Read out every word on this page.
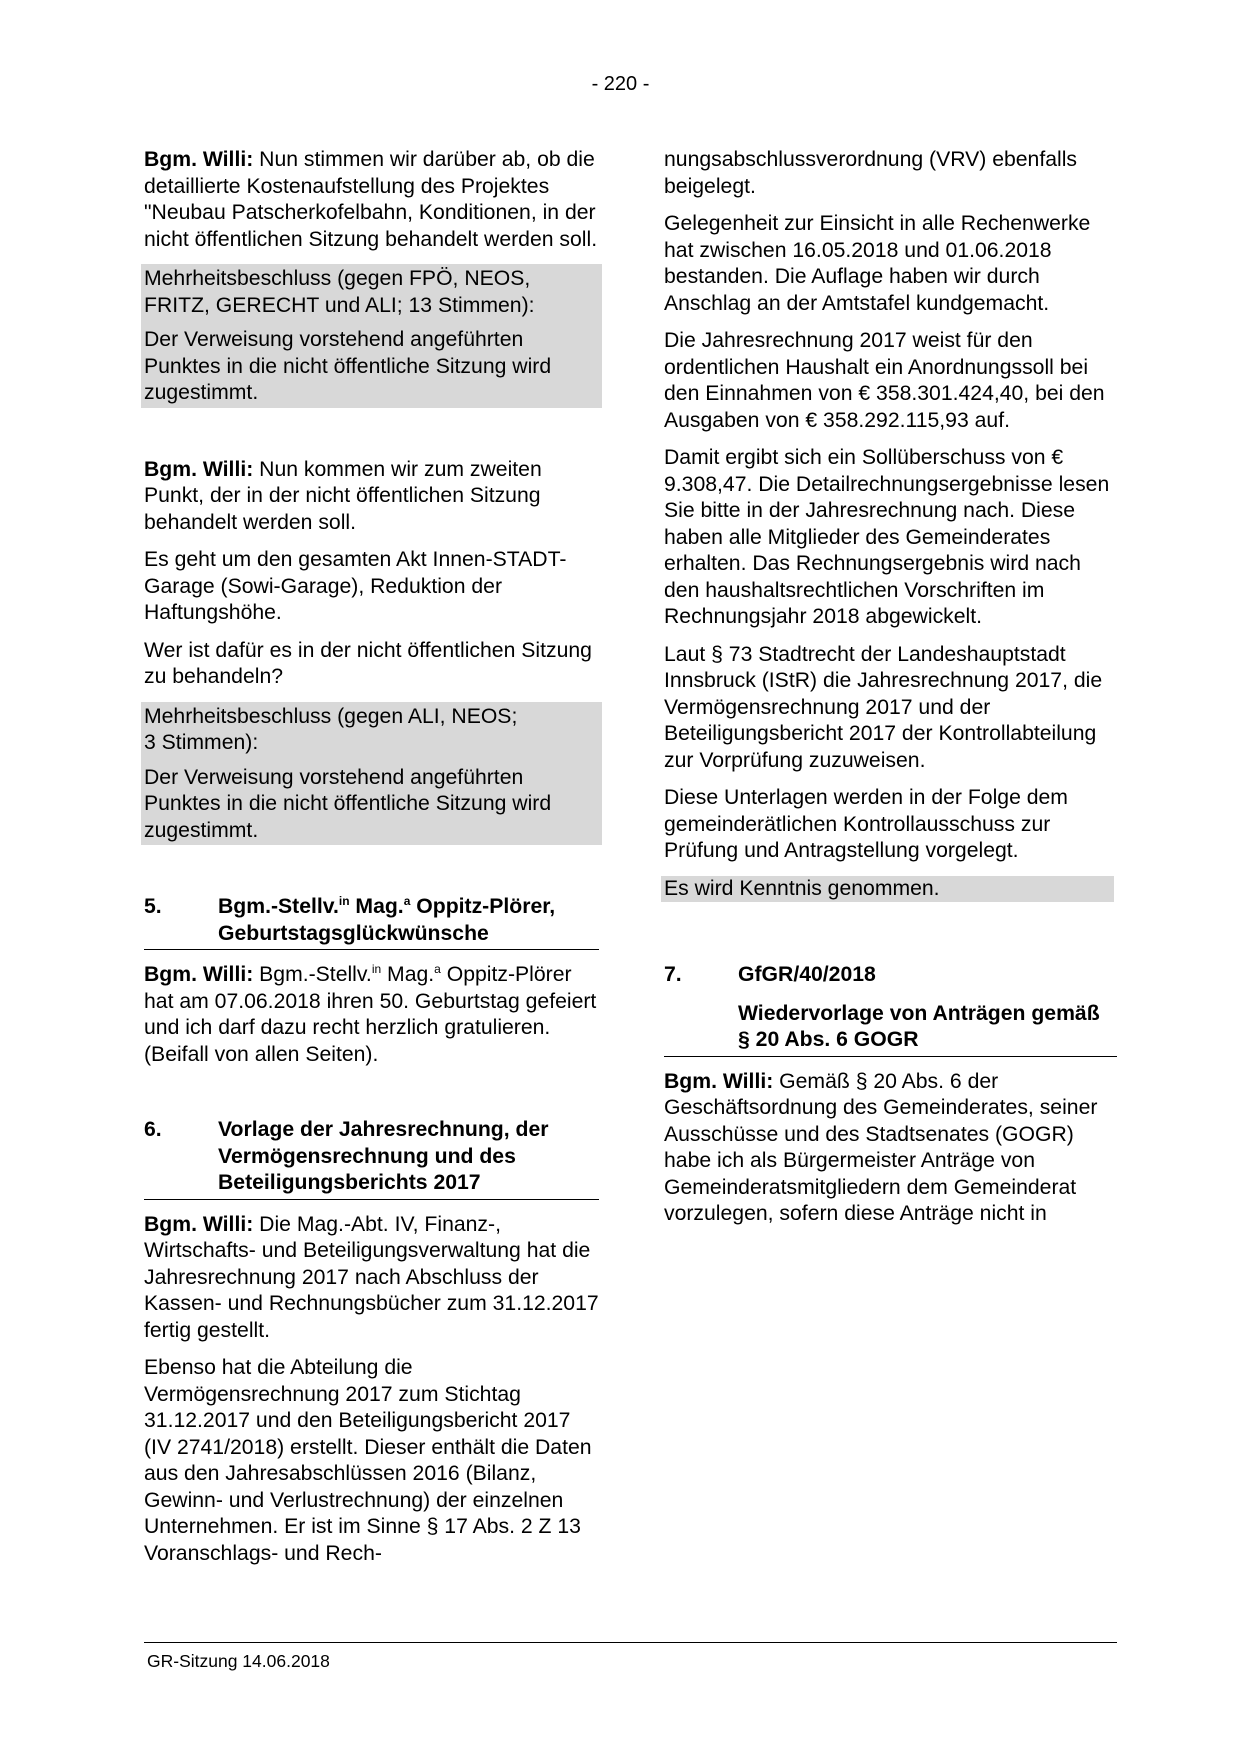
- 220 -

Bgm. Willi: Nun stimmen wir darüber ab, ob die detaillierte Kostenaufstellung des Projektes "Neubau Patscherkofelbahn, Konditionen, in der nicht öffentlichen Sitzung behandelt werden soll.

Mehrheitsbeschluss (gegen FPÖ, NEOS, FRITZ, GERECHT und ALI; 13 Stimmen):

Der Verweisung vorstehend angeführten Punktes in die nicht öffentliche Sitzung wird zugestimmt.

Bgm. Willi: Nun kommen wir zum zweiten Punkt, der in der nicht öffentlichen Sitzung behandelt werden soll.

Es geht um den gesamten Akt Innen-STADT-Garage (Sowi-Garage), Reduktion der Haftungshöhe.

Wer ist dafür es in der nicht öffentlichen Sitzung zu behandeln?

Mehrheitsbeschluss (gegen ALI, NEOS;
3 Stimmen):

Der Verweisung vorstehend angeführten Punktes in die nicht öffentliche Sitzung wird zugestimmt.

5.	Bgm.-Stellv.$^{in}$ Mag.$^a$ Oppitz-Plörer, Geburtstagsglückwünsche

Bgm. Willi: Bgm.-Stellv.$^{in}$ Mag.$^a$ Oppitz-Plörer hat am 07.06.2018 ihren 50. Geburtstag gefeiert und ich darf dazu recht herzlich gratulieren. (Beifall von allen Seiten).

6.	Vorlage der Jahresrechnung, der Vermögensrechnung und des Beteiligungsberichts 2017

Bgm. Willi: Die Mag.-Abt. IV, Finanz-, Wirtschafts- und Beteiligungsverwaltung hat die Jahresrechnung 2017 nach Abschluss der Kassen- und Rechnungsbücher zum 31.12.2017 fertig gestellt.

Ebenso hat die Abteilung die Vermögensrechnung 2017 zum Stichtag 31.12.2017 und den Beteiligungsbericht 2017 (IV 2741/2018) erstellt. Dieser enthält die Daten aus den Jahresabschlüssen 2016 (Bilanz, Gewinn- und Verlustrechnung) der einzelnen Unternehmen. Er ist im Sinne § 17 Abs. 2 Z 13 Voranschlags- und Rech-

nungsabschlussverordnung (VRV) ebenfalls beigelegt.

Gelegenheit zur Einsicht in alle Rechenwerke hat zwischen 16.05.2018 und 01.06.2018 bestanden. Die Auflage haben wir durch Anschlag an der Amtstafel kundgemacht.

Die Jahresrechnung 2017 weist für den ordentlichen Haushalt ein Anordnungssoll bei den Einnahmen von € 358.301.424,40, bei den Ausgaben von € 358.292.115,93 auf.

Damit ergibt sich ein Sollüberschuss von € 9.308,47. Die Detailrechnungsergebnisse lesen Sie bitte in der Jahresrechnung nach. Diese haben alle Mitglieder des Gemeinderates erhalten. Das Rechnungsergebnis wird nach den haushaltsrechtlichen Vorschriften im Rechnungsjahr 2018 abgewickelt.

Laut § 73 Stadtrecht der Landeshauptstadt Innsbruck (IStR) die Jahresrechnung 2017, die Vermögensrechnung 2017 und der Beteiligungsbericht 2017 der Kontrollabteilung zur Vorprüfung zuzuweisen.

Diese Unterlagen werden in der Folge dem gemeinderätlichen Kontrollausschuss zur Prüfung und Antragstellung vorgelegt.

Es wird Kenntnis genommen.

7.	GfGR/40/2018
Wiedervorlage von Anträgen gemäß § 20 Abs. 6 GOGR

Bgm. Willi: Gemäß § 20 Abs. 6 der Geschäftsordnung des Gemeinderates, seiner Ausschüsse und des Stadtsenates (GOGR) habe ich als Bürgermeister Anträge von Gemeinderatsmitgliedern dem Gemeinderat vorzulegen, sofern diese Anträge nicht in

GR-Sitzung 14.06.2018
